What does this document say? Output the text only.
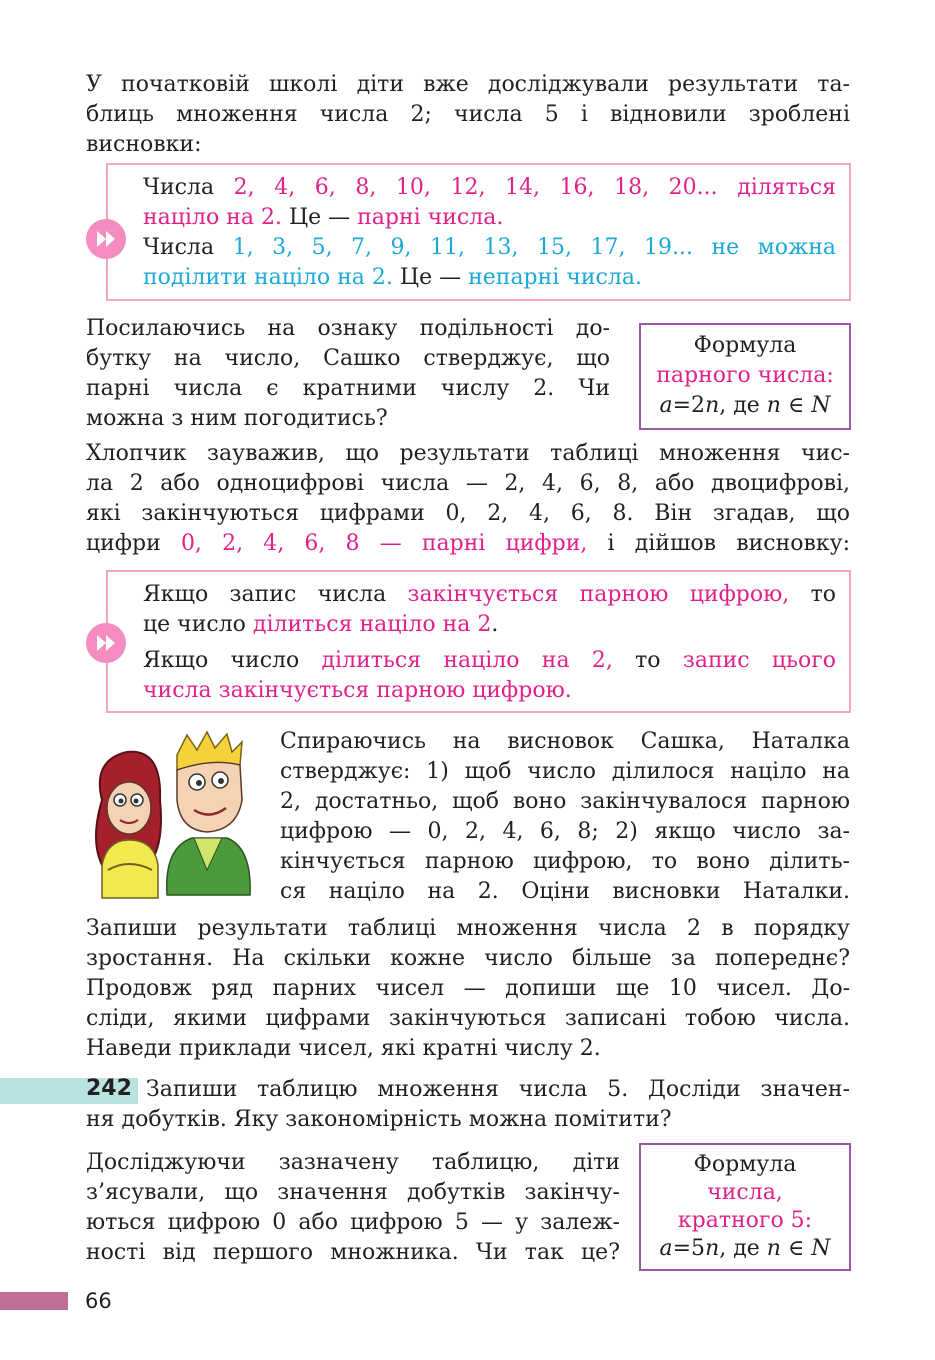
У початковій школі діти вже досліджували результати та-
блиць множення числа 2; числа 5 і відновили зроблені
висновки:
Числа 2, 4, 6, 8, 10, 12, 14, 16, 18, 20... діляться
націло на 2. Це — парні числа.
Числа 1, 3, 5, 7, 9, 11, 13, 15, 17, 19... не можна
поділити націло на 2. Це — непарні числа.
Посилаючись на ознаку подільності до-
бутку на число, Сашко стверджує, що
парні числа є кратними числу 2. Чи
можна з ним погодитись?
Формула
парного числа:
a=2n, де n ∈ N
Хлопчик зауважив, що результати таблиці множення чис-
ла 2 або одноцифрові числа — 2, 4, 6, 8, або двоцифрові,
які закінчуються цифрами 0, 2, 4, 6, 8. Він згадав, що
цифри 0, 2, 4, 6, 8 — парні цифри, і дійшов висновку:
Якщо запис числа закінчується парною цифрою, то
це число ділиться націло на 2.
Якщо число ділиться націло на 2, то запис цього
числа закінчується парною цифрою.
Спираючись на висновок Сашка, Наталка
стверджує: 1) щоб число ділилося націло на
2, достатньо, щоб воно закінчувалося парною
цифрою — 0, 2, 4, 6, 8; 2) якщо число за-
кінчується парною цифрою, то воно ділить-
ся націло на 2. Оціни висновки Наталки.
Запиши результати таблиці множення числа 2 в порядку
зростання. На скільки кожне число більше за попереднє?
Продовж ряд парних чисел — допиши ще 10 чисел. До-
сліди, якими цифрами закінчуються записані тобою числа.
Наведи приклади чисел, які кратні числу 2.
242 Запиши таблицю множення числа 5. Досліди значен-
ня добутків. Яку закономірність можна помітити?
Досліджуючи зазначену таблицю, діти
з’ясували, що значення добутків закінчу-
ються цифрою 0 або цифрою 5 — у залеж-
ності від першого множника. Чи так це?
Формула
числа,
кратного 5:
a=5n, де n ∈ N
66
